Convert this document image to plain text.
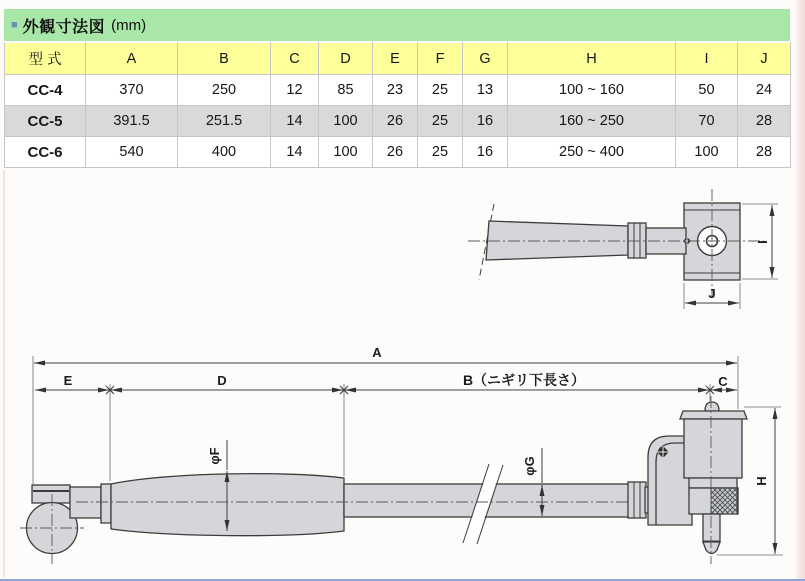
■ 外観寸法図 (mm)
型 式	A	B	C	D	E	F	G	H	I	J
CC-4	370	250	12	85	23	25	13	100 ~ 160	50	24
CC-5	391.5	251.5	14	100	26	25	16	160 ~ 250	70	28
CC-6	540	400	14	100	26	25	16	250 ~ 400	100	28
I
J
A
E	D	B（ニギリ下長さ）	C
H
φF
φG
